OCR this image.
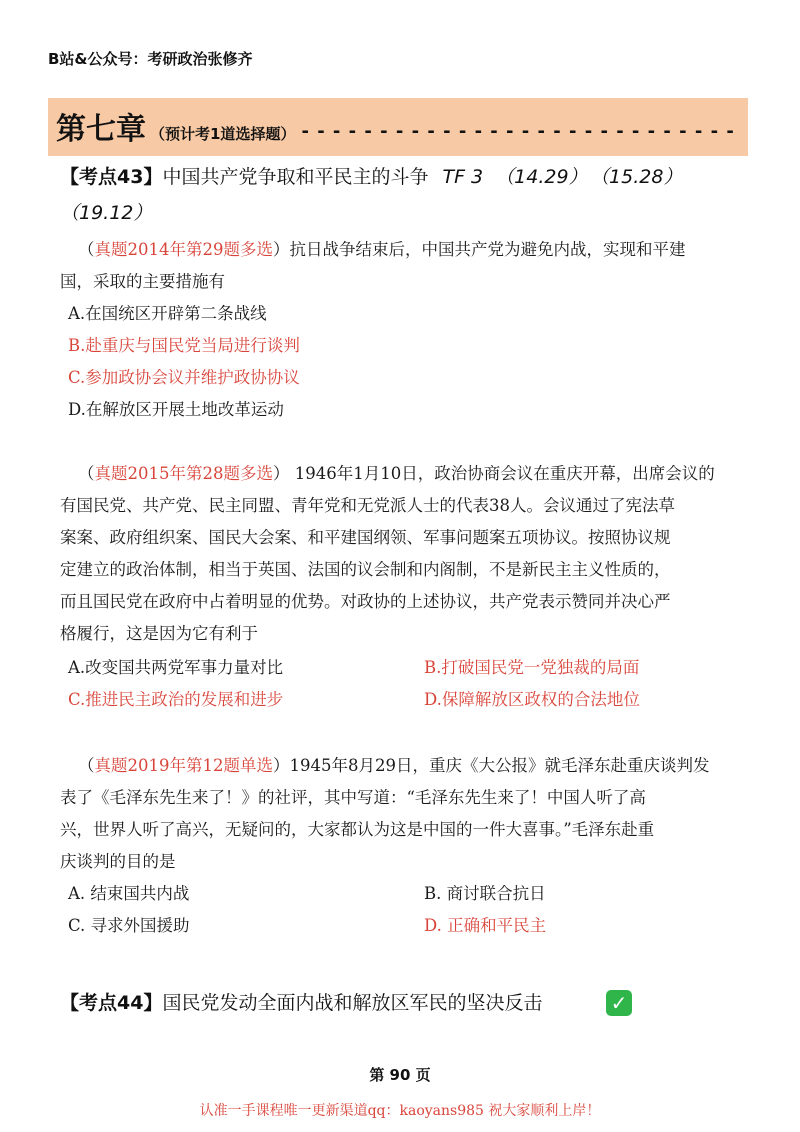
B站&公众号：考研政治张修齐
第七章 （预计考1道选择题） - - - - - - - - - - - - - - - - - - - - - - - - - - - -
【考点43】中国共产党争取和平民主的斗争 TF 3 （14.29） （15.28）
（19.12）
（真题2014年第29题多选）抗日战争结束后，中国共产党为避免内战，实现和平建
国，采取的主要措施有
A.在国统区开辟第二条战线
B.赴重庆与国民党当局进行谈判
C.参加政协会议并维护政协协议
D.在解放区开展土地改革运动
（真题2015年第28题多选） 1946年1月10日，政治协商会议在重庆开幕，出席会议的
有国民党、共产党、民主同盟、青年党和无党派人士的代表38人。会议通过了宪法草
案案、政府组织案、国民大会案、和平建国纲领、军事问题案五项协议。按照协议规
定建立的政治体制，相当于英国、法国的议会制和内阁制，不是新民主主义性质的，
而且国民党在政府中占着明显的优势。对政协的上述协议，共产党表示赞同并决心严
格履行，这是因为它有利于
A.改变国共两党军事力量对比	B.打破国民党一党独裁的局面
C.推进民主政治的发展和进步	D.保障解放区政权的合法地位
（真题2019年第12题单选）1945年8月29日，重庆《大公报》就毛泽东赴重庆谈判发
表了《毛泽东先生来了！》的社评，其中写道：“毛泽东先生来了！中国人听了高
兴，世界人听了高兴，无疑问的，大家都认为这是中国的一件大喜事。”毛泽东赴重
庆谈判的目的是
A. 结束国共内战	B. 商讨联合抗日
C. 寻求外国援助	D. 正确和平民主
【考点44】国民党发动全面内战和解放区军民的坚决反击	✓
第 90 页
认准一手课程唯一更新渠道qq：kaoyans985 祝大家顺利上岸！
